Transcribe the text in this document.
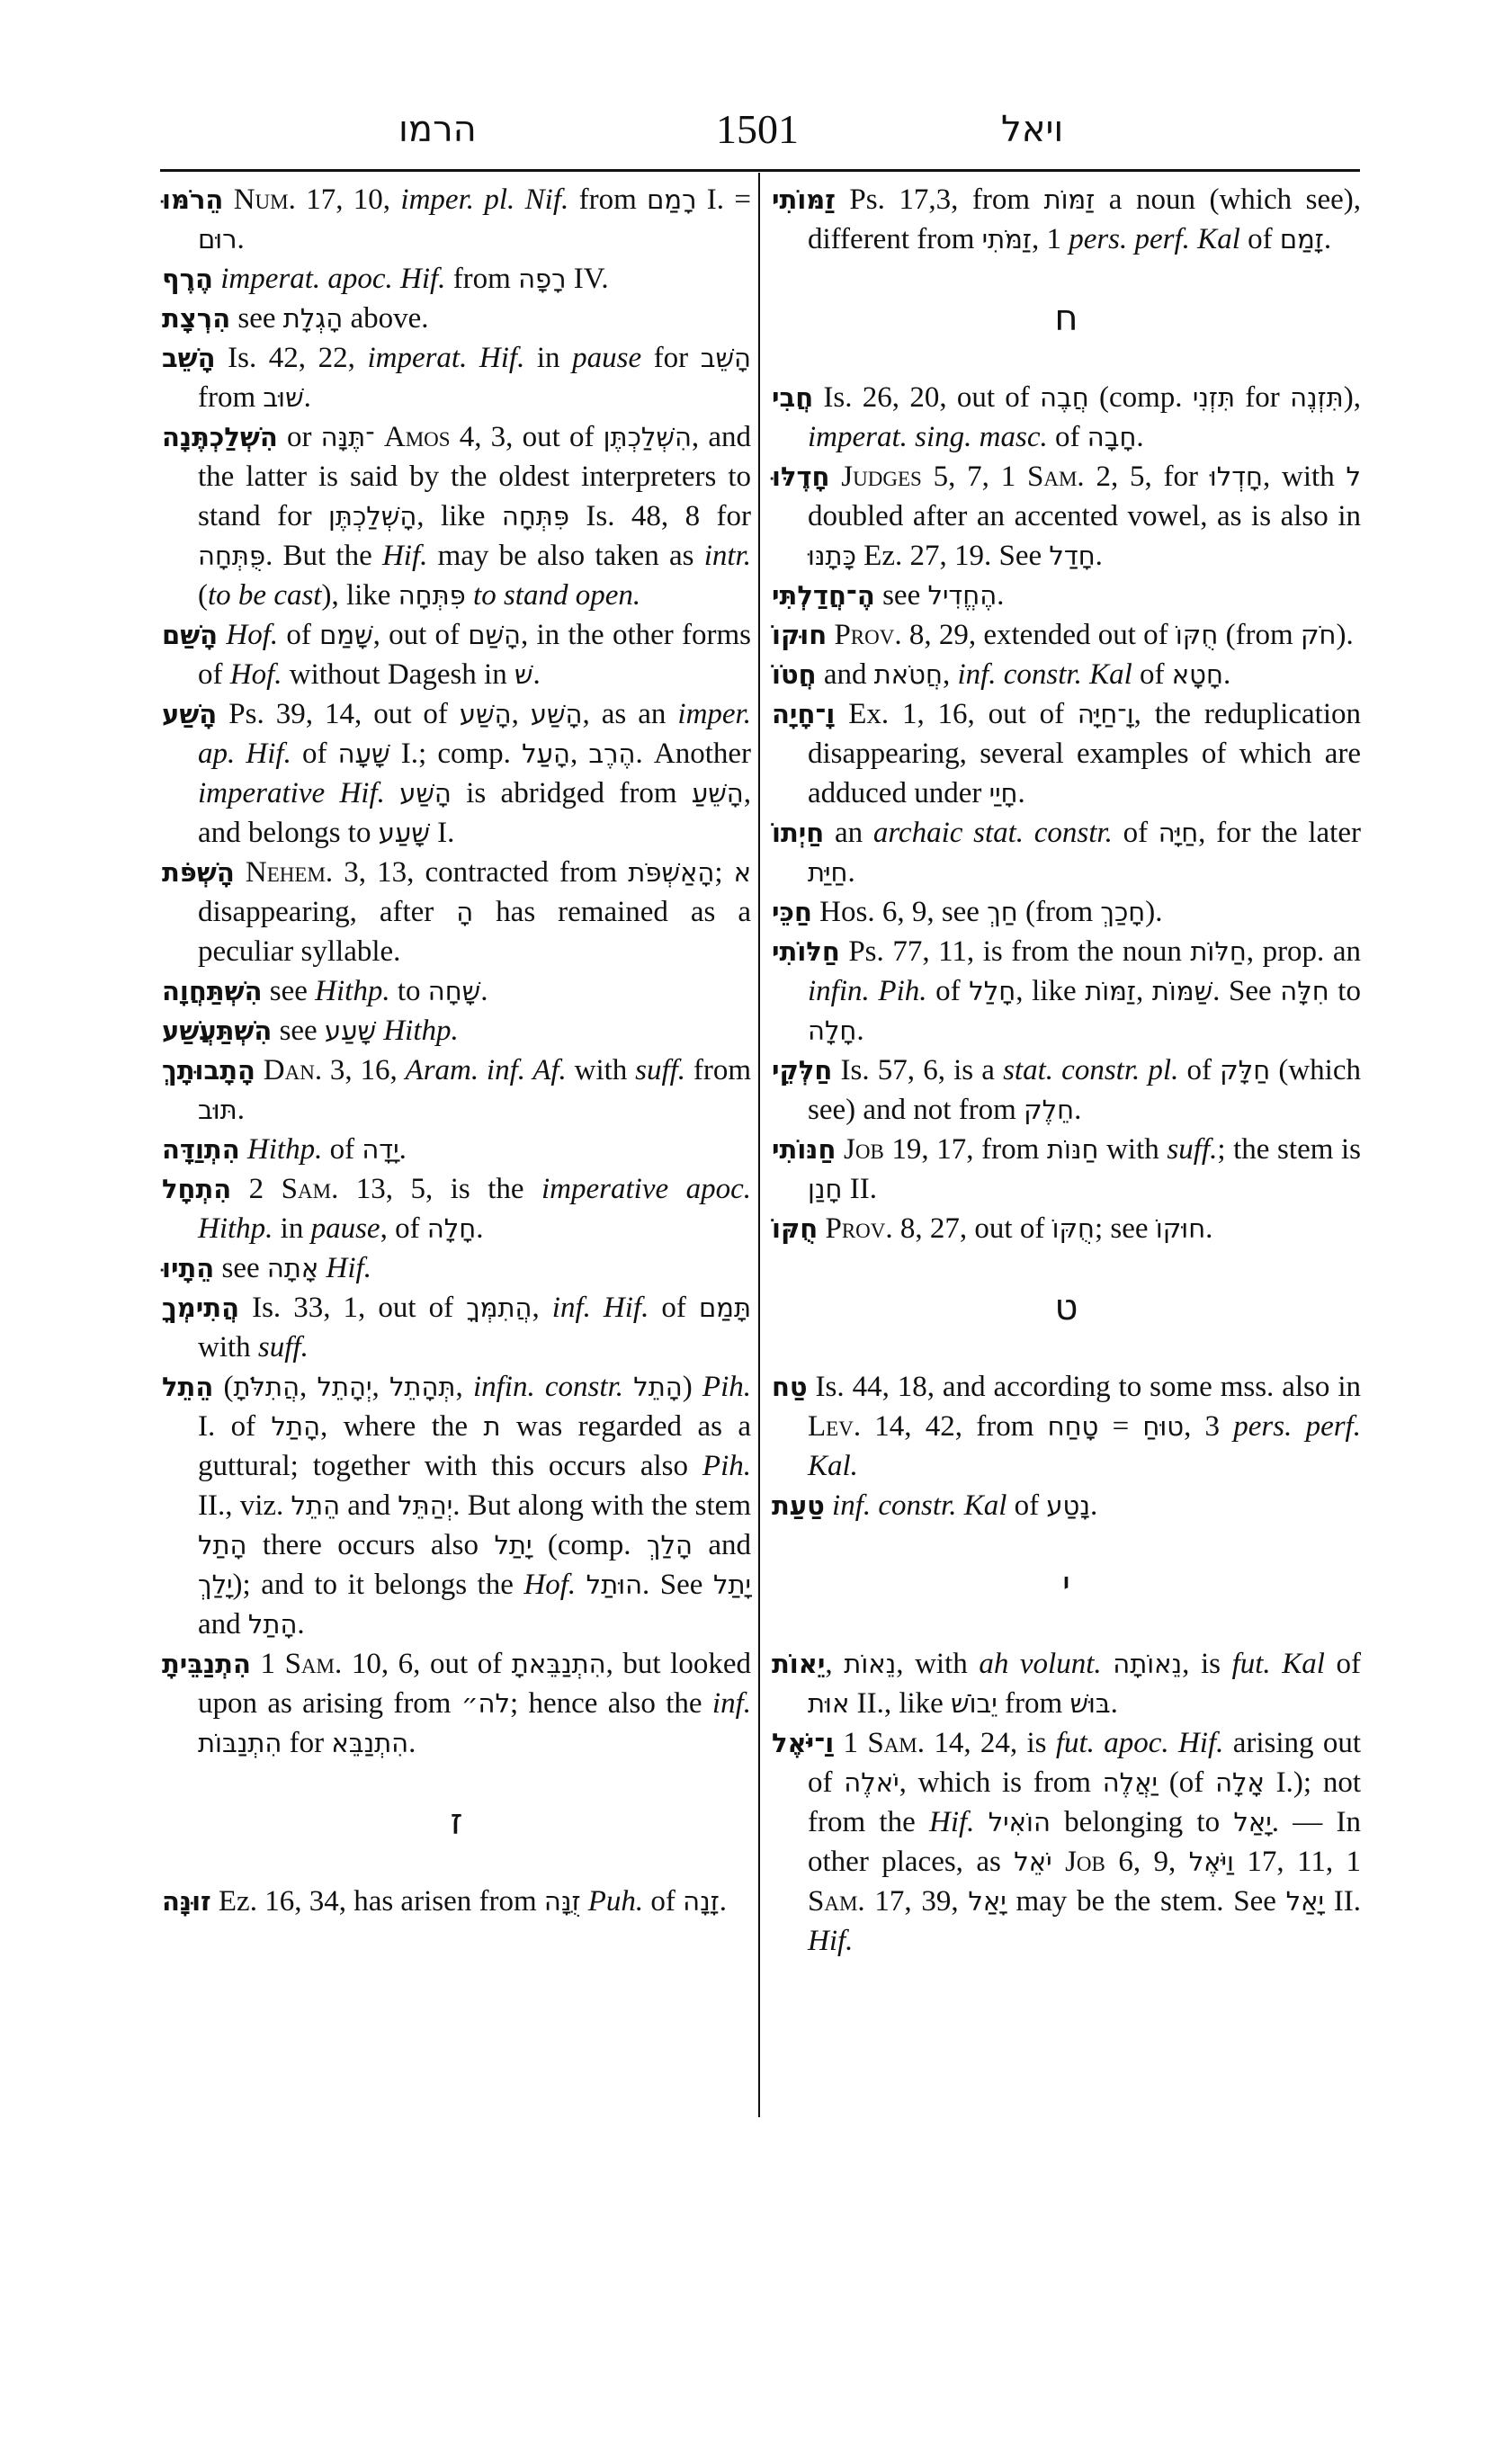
הרמו	1501	ויאל

הֵרֹמּוּ Num. 17, 10, imper. pl. Nif. from רָמַם I. = רוּם.

הֶרֶף imperat. apoc. Hif. from רָפָה IV.

הִרְצָת see הָגְלָת above.

הָשֵׁב Is. 42, 22, imperat. Hif. in pause for הָשֵׁב from שׁוּב.

הִשְׁלַכְתֶּנָה or ־תֶּנָּה Amos 4, 3, out of הִשְׁלַכְתֶּן, and the latter is said by the oldest interpreters to stand for הָשְׁלַכְתֶּן, like פִּתְּחָה Is. 48, 8 for פֻּתְּחָה. But the Hif. may be also taken as intr. (to be cast), like פִּתְּחָה to stand open.

הָשַּׁם Hof. of שָׁמַם, out of הָשַׁם, in the other forms of Hof. without Dagesh in שׁ.

הָשַׁע Ps. 39, 14, out of הָשַׁע, הָשַׁע, as an imper. ap. Hif. of שָׁעָה I.; comp. הָעַל, הֶרֶב. Another imperative Hif. הָשַׁע is abridged from הָשֵׁעַ, and belongs to שָׁעַע I.

הָשְׁפֹּת Nehem. 3, 13, contracted from הָאַשְׁפֹּת; א disappearing, after הָ has remained as a peculiar syllable.

הִשְׁתַּחֲוָה see Hithp. to שָׁחָה.

הִשְׁתַּעֲשַׁע see שָׁעַע Hithp.

הָתָבוּתָךְ Dan. 3, 16, Aram. inf. Af. with suff. from תּוּב.

הִתְוַדָּה Hithp. of יָדָה.

הִתְחָל 2 Sam. 13, 5, is the imperative apoc. Hithp. in pause, of חָלָה.

הֵתָיוּ see אָתָה Hif.

הֲתִימְךָ Is. 33, 1, out of הֲתִמְּךָ, inf. Hif. of תָּמַם with suff.

הֵתֵל (הֲתִלֹּתָ, יְהָתֵל, תְּהָתֵל, infin. constr. הָתֵל) Pih. I. of הָתַל, where the ת was regarded as a guttural; together with this occurs also Pih. II., viz. הֵתֵל and יְהַתֵּל. But along with the stem הָתַל there occurs also יָתַל (comp. הָלַךְ and יָלַךְ); and to it belongs the Hof. הוּתַל. See יָתַל and הָתַל.

הִתְנַבֵּיתָ 1 Sam. 10, 6, out of הִתְנַבֵּאתָ, but looked upon as arising from לה״; hence also the inf. הִתְנַבּוֹת for הִתְנַבֵּא.

ז

זוּנָּה Ez. 16, 34, has arisen from זֻנָּה Puh. of זָנָה.

זַמּוֹתִי Ps. 17,3, from זַמּוֹת a noun (which see), different from זַמֹּתִי, 1 pers. perf. Kal of זָמַם.

ח

חֲבִי Is. 26, 20, out of חֲבֶה (comp. תִּזְנִי for תִּזְנֶה), imperat. sing. masc. of חָבָה.

חָדֶלּוּ Judges 5, 7, 1 Sam. 2, 5, for חָדְלוּ, with ל doubled after an accented vowel, as is also in כָּתָנּוּ Ez. 27, 19. See חָדַל.

הֶ־חֲדַלְתִּי see הֶחֱדִיל.

חוּקוֹ Prov. 8, 29, extended out of חֻקּוֹ (from חֹק).

חֲטֹוֹ and חֲטֹאת, inf. constr. Kal of חָטָא.

וָ־חָיָה Ex. 1, 16, out of וָ־חַיָּה, the reduplication disappearing, several examples of which are adduced under חָיַי.

חַיְתוֹ an archaic stat. constr. of חַיָּה, for the later חַיַּת.

חַכֵּי Hos. 6, 9, see חַךְ (from חָכַךְ).

חַלּוֹתִי Ps. 77, 11, is from the noun חַלּוֹת, prop. an infin. Pih. of חָלַל, like זַמּוֹת, שַׁמּוֹת. See חִלָּה to חָלָה.

חַלְּקֵי Is. 57, 6, is a stat. constr. pl. of חַלָּק (which see) and not from חֵלֶק.

חַנּוֹתִי Job 19, 17, from חַנּוֹת with suff.; the stem is חָנַן II.

חֻקּוֹ Prov. 8, 27, out of חֻקּוֹ; see חוּקוֹ.

ט

טַח Is. 44, 18, and according to some mss. also in Lev. 14, 42, from טָחַח = טוּחַ, 3 pers. perf. Kal.

טַעַת inf. constr. Kal of נָטַע.

י

יֵאוֹת, נֵאוֹת, with ah volunt. נֵאוֹתָה, is fut. Kal of אוּת II., like יֵבוֹשׁ from בּוּשׁ.

וַ־יֹּאֶל 1 Sam. 14, 24, is fut. apoc. Hif. arising out of יֹאלֶה, which is from יַאֲלֶה (of אָלָה I.); not from the Hif. הוֹאִיל belonging to יָאַל. — In other places, as יֹאֵל Job 6, 9, וַיֹּאֶל 17, 11, 1 Sam. 17, 39, יָאַל may be the stem. See יָאַל II. Hif.
